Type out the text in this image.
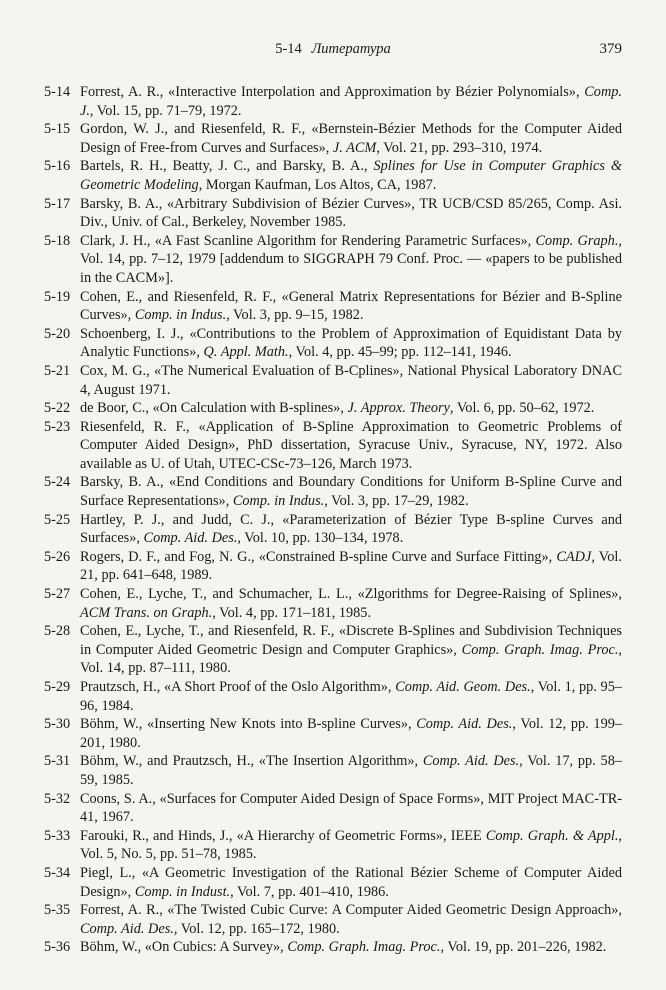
5-14 Литература	379
5-14 Forrest, A. R., «Interactive Interpolation and Approximation by Bézier Polynomials», Comp. J., Vol. 15, pp. 71–79, 1972.
5-15 Gordon, W. J., and Riesenfeld, R. F., «Bernstein-Bézier Methods for the Computer Aided Design of Free-from Curves and Surfaces», J. ACM, Vol. 21, pp. 293–310, 1974.
5-16 Bartels, R. H., Beatty, J. C., and Barsky, B. A., Splines for Use in Computer Graphics & Geometric Modeling, Morgan Kaufman, Los Altos, CA, 1987.
5-17 Barsky, B. A., «Arbitrary Subdivision of Bézier Curves», TR UCB/CSD 85/265, Comp. Asi. Div., Univ. of Cal., Berkeley, November 1985.
5-18 Clark, J. H., «A Fast Scanline Algorithm for Rendering Parametric Surfaces», Comp. Graph., Vol. 14, pp. 7–12, 1979 [addendum to SIGGRAPH 79 Conf. Proc. — «papers to be published in the CACM»].
5-19 Cohen, E., and Riesenfeld, R. F., «General Matrix Representations for Bézier and B-Spline Curves», Comp. in Indus., Vol. 3, pp. 9–15, 1982.
5-20 Schoenberg, I. J., «Contributions to the Problem of Approximation of Equidistant Data by Analytic Functions», Q. Appl. Math., Vol. 4, pp. 45–99; pp. 112–141, 1946.
5-21 Cox, M. G., «The Numerical Evaluation of B-Cplines», National Physical Laboratory DNAC 4, August 1971.
5-22 de Boor, C., «On Calculation with B-splines», J. Approx. Theory, Vol. 6, pp. 50–62, 1972.
5-23 Riesenfeld, R. F., «Application of B-Spline Approximation to Geometric Problems of Computer Aided Design», PhD dissertation, Syracuse Univ., Syracuse, NY, 1972. Also available as U. of Utah, UTEC-CSc-73–126, March 1973.
5-24 Barsky, B. A., «End Conditions and Boundary Conditions for Uniform B-Spline Curve and Surface Representations», Comp. in Indus., Vol. 3, pp. 17–29, 1982.
5-25 Hartley, P. J., and Judd, C. J., «Parameterization of Bézier Type B-spline Curves and Surfaces», Comp. Aid. Des., Vol. 10, pp. 130–134, 1978.
5-26 Rogers, D. F., and Fog, N. G., «Constrained B-spline Curve and Surface Fitting», CADJ, Vol. 21, pp. 641–648, 1989.
5-27 Cohen, E., Lyche, T., and Schumacher, L. L., «Zlgorithms for Degree-Raising of Splines», ACM Trans. on Graph., Vol. 4, pp. 171–181, 1985.
5-28 Cohen, E., Lyche, T., and Riesenfeld, R. F., «Discrete B-Splines and Subdivision Techniques in Computer Aided Geometric Design and Computer Graphics», Comp. Graph. Imag. Proc., Vol. 14, pp. 87–111, 1980.
5-29 Prautzsch, H., «A Short Proof of the Oslo Algorithm», Comp. Aid. Geom. Des., Vol. 1, pp. 95–96, 1984.
5-30 Böhm, W., «Inserting New Knots into B-spline Curves», Comp. Aid. Des., Vol. 12, pp. 199–201, 1980.
5-31 Böhm, W., and Prautzsch, H., «The Insertion Algorithm», Comp. Aid. Des., Vol. 17, pp. 58–59, 1985.
5-32 Coons, S. A., «Surfaces for Computer Aided Design of Space Forms», MIT Project MAC-TR-41, 1967.
5-33 Farouki, R., and Hinds, J., «A Hierarchy of Geometric Forms», IEEE Comp. Graph. & Appl., Vol. 5, No. 5, pp. 51–78, 1985.
5-34 Piegl, L., «A Geometric Investigation of the Rational Bézier Scheme of Computer Aided Design», Comp. in Indust., Vol. 7, pp. 401–410, 1986.
5-35 Forrest, A. R., «The Twisted Cubic Curve: A Computer Aided Geometric Design Approach», Comp. Aid. Des., Vol. 12, pp. 165–172, 1980.
5-36 Böhm, W., «On Cubics: A Survey», Comp. Graph. Imag. Proc., Vol. 19, pp. 201–226, 1982.
